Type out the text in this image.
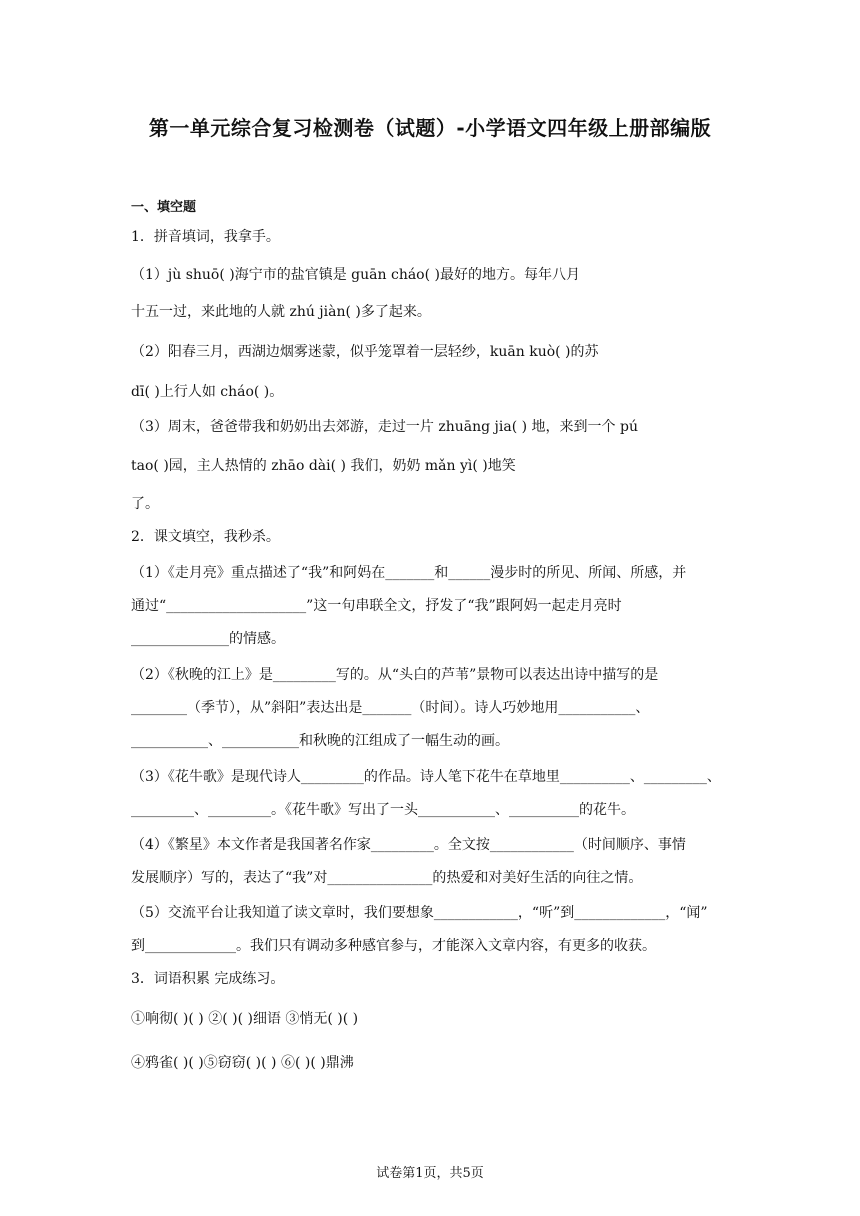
第一单元综合复习检测卷（试题）-小学语文四年级上册部编版
一、填空题
1．拼音填词，我拿手。
（1）jù shuō( )海宁市的盐官镇是 guān cháo( )最好的地方。每年八月
十五一过，来此地的人就 zhú jiàn( )多了起来。
（2）阳春三月，西湖边烟雾迷蒙，似乎笼罩着一层轻纱，kuān kuò( )的苏
dī( )上行人如 cháo( )。
（3）周末，爸爸带我和奶奶出去郊游，走过一片 zhuāng jia( ) 地，来到一个 pú
tao( )园，主人热情的 zhāo dài( ) 我们，奶奶 mǎn yì( )地笑
了。
2．课文填空，我秒杀。
（1）《走月亮》重点描述了“我”和阿妈在_______和______漫步时的所见、所闻、所感，并
通过“____________________”这一句串联全文，抒发了“我”跟阿妈一起走月亮时
______________的情感。
（2）《秋晚的江上》是_________写的。从“头白的芦苇”景物可以表达出诗中描写的是
________（季节），从”斜阳”表达出是_______（时间）。诗人巧妙地用___________、
___________、___________和秋晚的江组成了一幅生动的画。
（3）《花牛歌》是现代诗人_________的作品。诗人笔下花牛在草地里__________、_________、
_________、_________。《花牛歌》写出了一头___________、__________的花牛。
（4）《繁星》本文作者是我国著名作家_________。全文按____________（时间顺序、事情
发展顺序）写的，表达了“我”对_______________的热爱和对美好生活的向往之情。
（5）交流平台让我知道了读文章时，我们要想象____________，“听”到_____________，“闻”
到_____________。我们只有调动多种感官参与，才能深入文章内容，有更多的收获。
3．词语积累 完成练习。
①响彻( )( ) ②( )( )细语 ③悄无( )( )
④鸦雀( )( )⑤窃窃( )( ) ⑥( )( )鼎沸
试卷第1页，共5页
